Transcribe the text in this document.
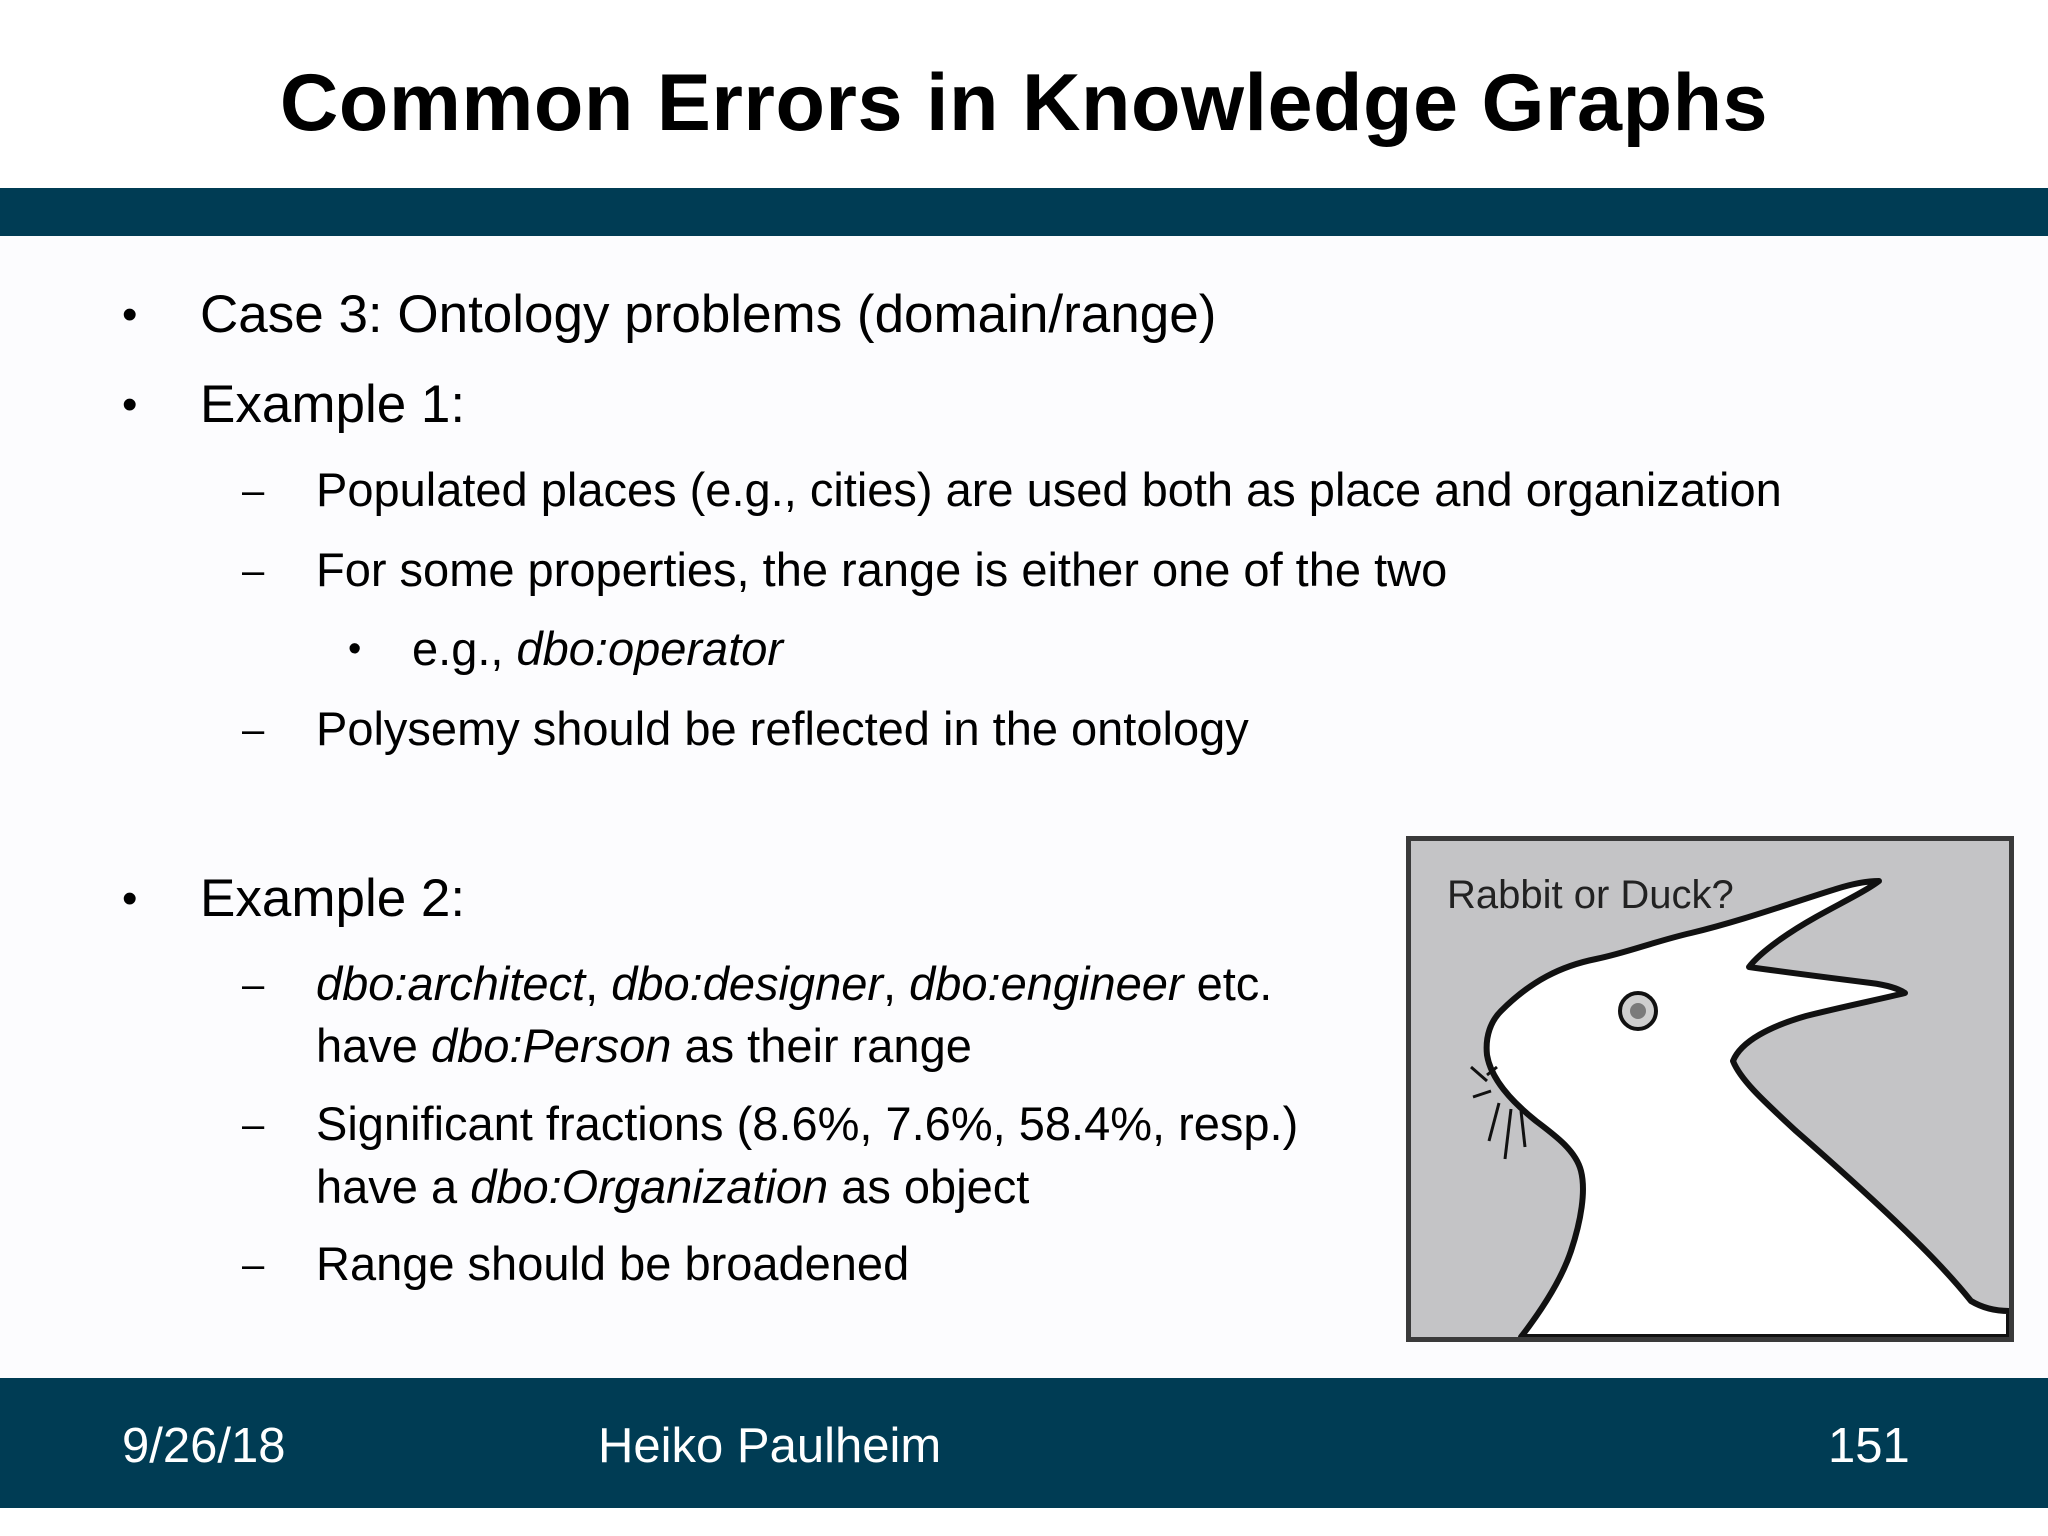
Common Errors in Knowledge Graphs
• Case 3: Ontology problems (domain/range)
• Example 1:
– Populated places (e.g., cities) are used both as place and organization
– For some properties, the range is either one of the two
• e.g., dbo:operator
– Polysemy should be reflected in the ontology
• Example 2:
– dbo:architect, dbo:designer, dbo:engineer etc.
have dbo:Person as their range
– Significant fractions (8.6%, 7.6%, 58.4%, resp.)
have a dbo:Organization as object
– Range should be broadened
Rabbit or Duck?
9/26/18	Heiko Paulheim	151
